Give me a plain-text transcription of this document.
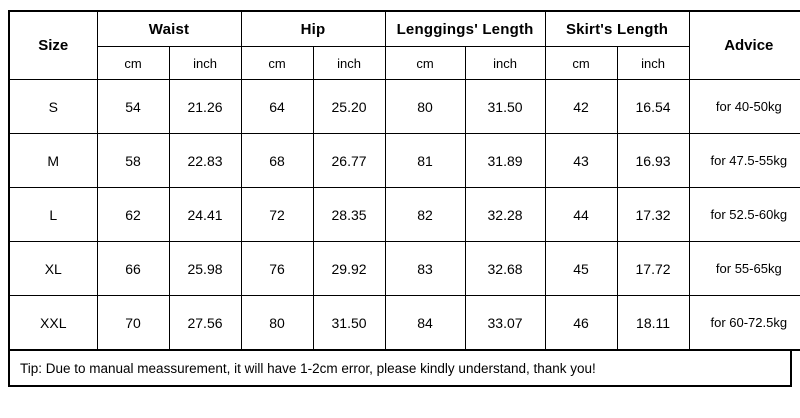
Size	Waist		Hip		Lenggings' Length		Skirt's Length		Advice
	cm	inch	cm	inch	cm	inch	cm	inch	
S	54	21.26	64	25.20	80	31.50	42	16.54	for 40-50kg
M	58	22.83	68	26.77	81	31.89	43	16.93	for 47.5-55kg
L	62	24.41	72	28.35	82	32.28	44	17.32	for 52.5-60kg
XL	66	25.98	76	29.92	83	32.68	45	17.72	for 55-65kg
XXL	70	27.56	80	31.50	84	33.07	46	18.11	for 60-72.5kg
Tip: Due to manual meassurement, it will have 1-2cm error, please kindly understand, thank you!
